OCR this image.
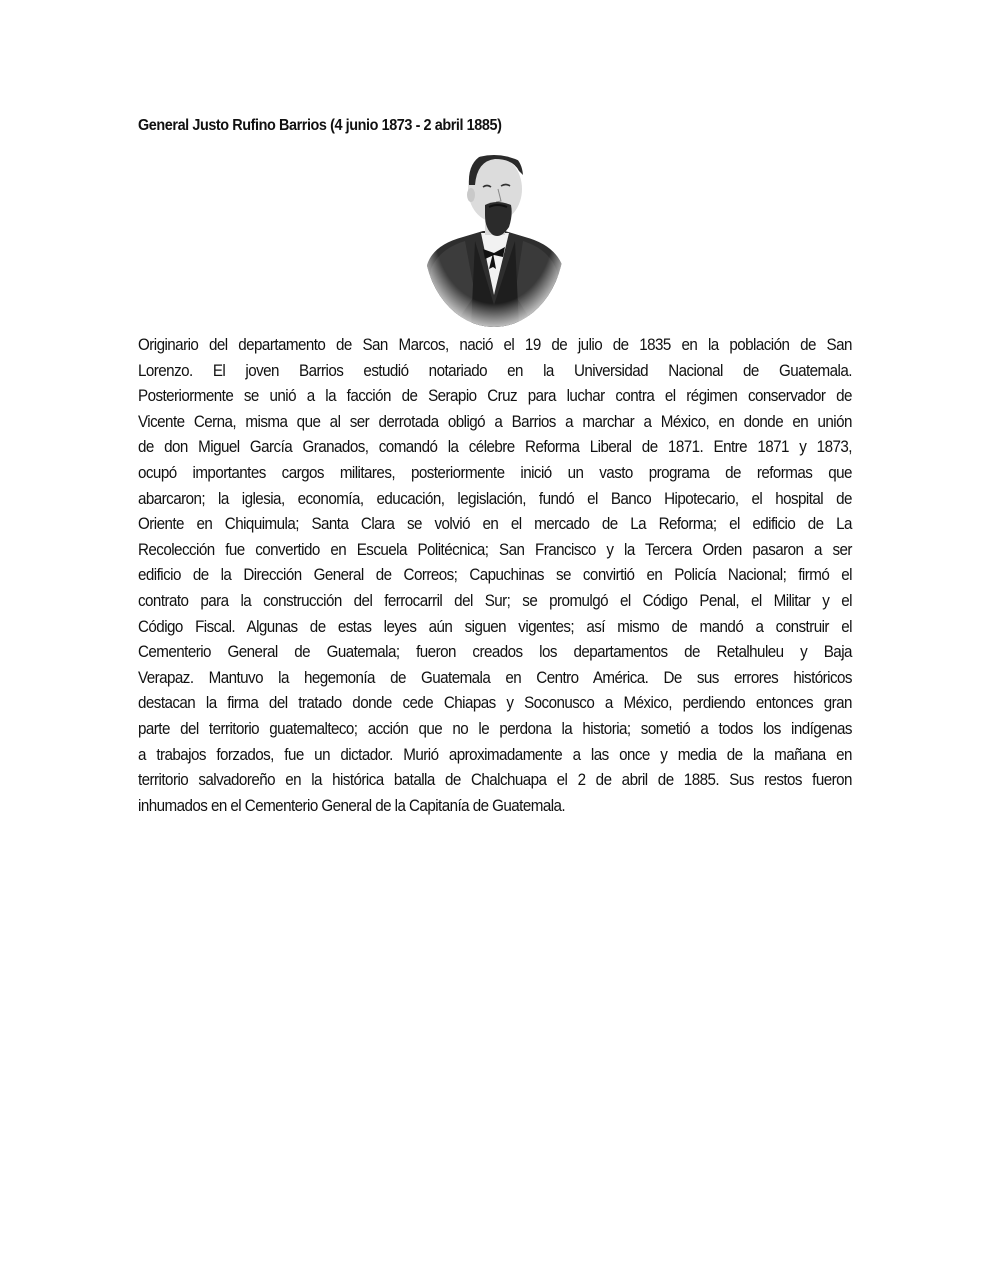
General Justo Rufino Barrios (4 junio 1873 - 2 abril 1885)
Originario del departamento de San Marcos, nació el 19 de julio de 1835 en la población de San
Lorenzo. El joven Barrios estudió notariado en la Universidad Nacional de Guatemala.
Posteriormente se unió a la facción de Serapio Cruz para luchar contra el régimen conservador de
Vicente Cerna, misma que al ser derrotada obligó a Barrios a marchar a México, en donde en unión
de don Miguel García Granados, comandó la célebre Reforma Liberal de 1871. Entre 1871 y 1873,
ocupó importantes cargos militares, posteriormente inició un vasto programa de reformas que
abarcaron; la iglesia, economía, educación, legislación, fundó el Banco Hipotecario, el hospital de
Oriente en Chiquimula; Santa Clara se volvió en el mercado de La Reforma; el edificio de La
Recolección fue convertido en Escuela Politécnica; San Francisco y la Tercera Orden pasaron a ser
edificio de la Dirección General de Correos; Capuchinas se convirtió en Policía Nacional; firmó el
contrato para la construcción del ferrocarril del Sur; se promulgó el Código Penal, el Militar y el
Código Fiscal. Algunas de estas leyes aún siguen vigentes; así mismo de mandó a construir el
Cementerio General de Guatemala; fueron creados los departamentos de Retalhuleu y Baja
Verapaz. Mantuvo la hegemonía de Guatemala en Centro América. De sus errores históricos
destacan la firma del tratado donde cede Chiapas y Soconusco a México, perdiendo entonces gran
parte del territorio guatemalteco; acción que no le perdona la historia; sometió a todos los indígenas
a trabajos forzados, fue un dictador. Murió aproximadamente a las once y media de la mañana en
territorio salvadoreño en la histórica batalla de Chalchuapa el 2 de abril de 1885. Sus restos fueron
inhumados en el Cementerio General de la Capitanía de Guatemala.
